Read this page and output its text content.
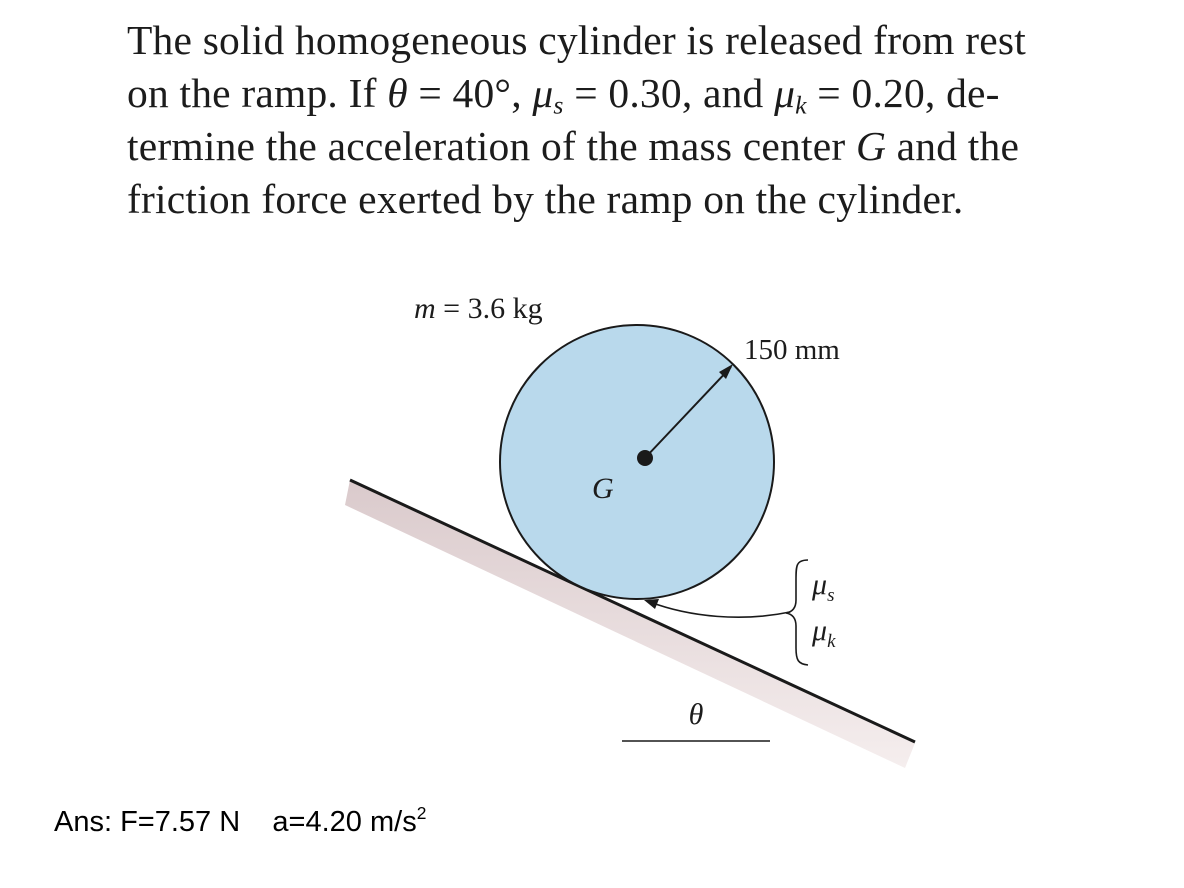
The solid homogeneous cylinder is released from rest
on the ramp. If θ = 40°, $\mu_s = 0.30$, and $\mu_k = 0.20$, de-
termine the acceleration of the mass center G and the
friction force exerted by the ramp on the cylinder.
θ
G
m = 3.6 kg
150 mm
$\mu_s$
$\mu_k$
Ans: F=7.57 N a=4.20 $m/s^2$
